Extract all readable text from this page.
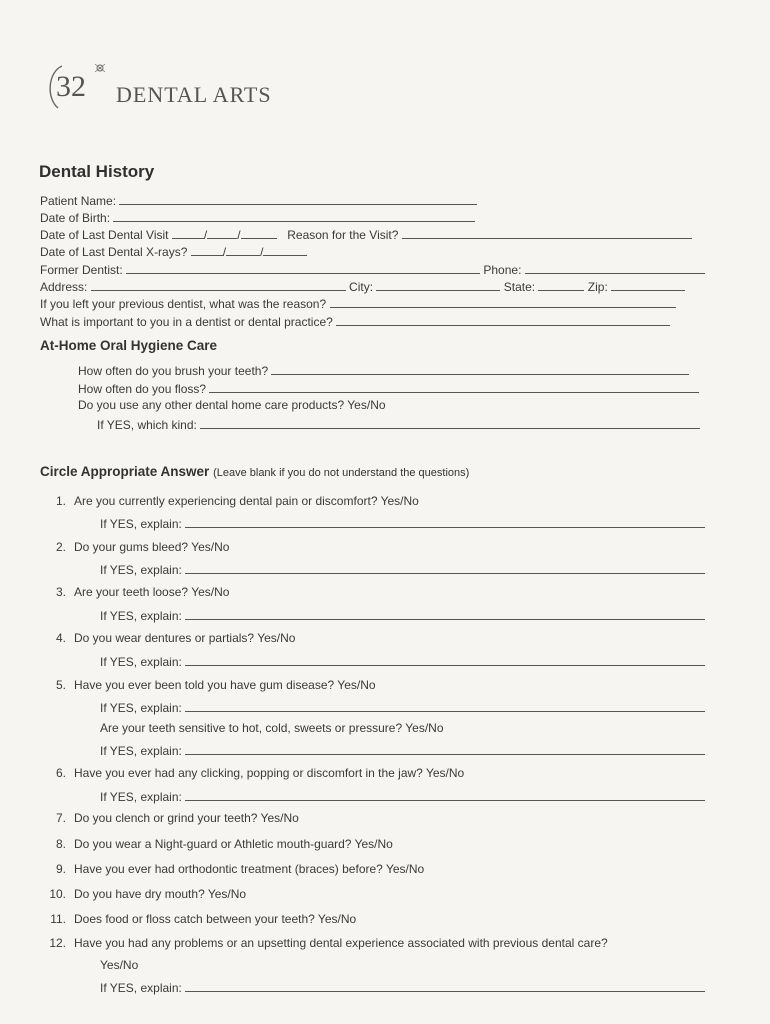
32 DENTAL ARTS
Dental History
Patient Name:
Date of Birth:
Date of Last Dental Visit	/	/	Reason for the Visit?
Date of Last Dental X-rays?	/	/
Former Dentist:	Phone:
Address:	City:	State:	Zip:
If you left your previous dentist, what was the reason?
What is important to you in a dentist or dental practice?
At-Home Oral Hygiene Care
How often do you brush your teeth?
How often do you floss?
Do you use any other dental home care products? Yes/No
If YES, which kind:
Circle Appropriate Answer (Leave blank if you do not understand the questions)
1. Are you currently experiencing dental pain or discomfort? Yes/No
If YES, explain:
2. Do your gums bleed? Yes/No
If YES, explain:
3. Are your teeth loose? Yes/No
If YES, explain:
4. Do you wear dentures or partials? Yes/No
If YES, explain:
5. Have you ever been told you have gum disease? Yes/No
If YES, explain:
Are your teeth sensitive to hot, cold, sweets or pressure? Yes/No
If YES, explain:
6. Have you ever had any clicking, popping or discomfort in the jaw? Yes/No
If YES, explain:
7. Do you clench or grind your teeth? Yes/No
8. Do you wear a Night-guard or Athletic mouth-guard? Yes/No
9. Have you ever had orthodontic treatment (braces) before? Yes/No
10. Do you have dry mouth? Yes/No
11. Does food or floss catch between your teeth? Yes/No
12. Have you had any problems or an upsetting dental experience associated with previous dental care?
Yes/No
If YES, explain:
